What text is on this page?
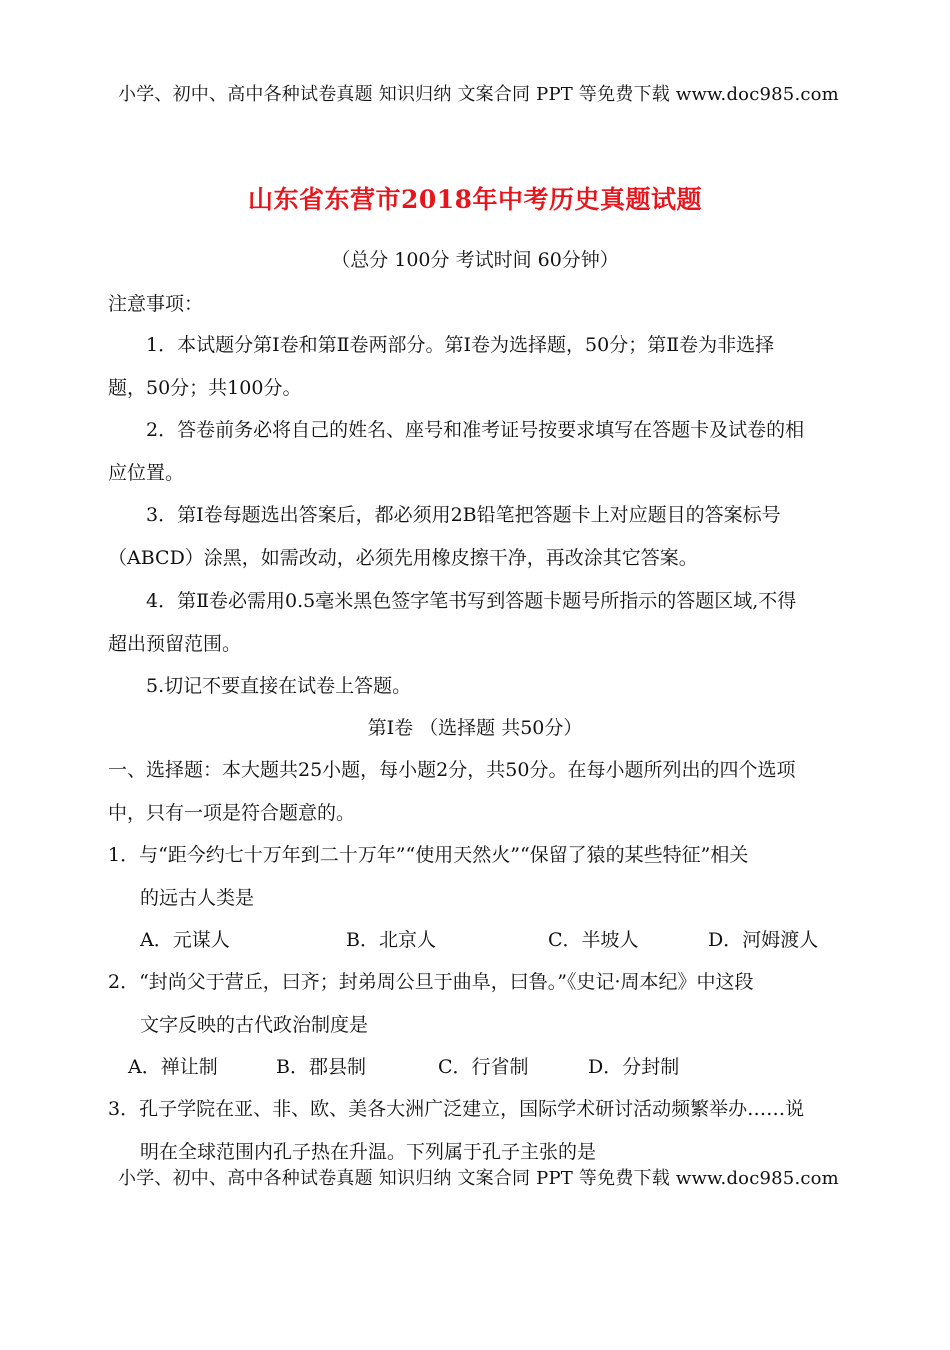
小学、初中、高中各种试卷真题 知识归纳 文案合同 PPT 等免费下载 www.doc985.com
山东省东营市2018年中考历史真题试题
（总分 100分 考试时间 60分钟）
注意事项：
1．本试题分第Ⅰ卷和第Ⅱ卷两部分。第Ⅰ卷为选择题，50分；第Ⅱ卷为非选择
题，50分；共100分。
2．答卷前务必将自己的姓名、座号和准考证号按要求填写在答题卡及试卷的相
应位置。
3．第Ⅰ卷每题选出答案后，都必须用2B铅笔把答题卡上对应题目的答案标号
（ABCD）涂黑，如需改动，必须先用橡皮擦干净，再改涂其它答案。
4．第Ⅱ卷必需用0.5毫米黑色签字笔书写到答题卡题号所指示的答题区域,不得
超出预留范围。
5.切记不要直接在试卷上答题。
第Ⅰ卷 （选择题 共50分）
一、选择题：本大题共25小题，每小题2分，共50分。在每小题所列出的四个选项
中，只有一项是符合题意的。
1．与“距今约七十万年到二十万年”“使用天然火”“保留了猿的某些特征”相关
的远古人类是
A．元谋人	B．北京人	C．半坡人	D．河姆渡人
2．“封尚父于营丘，曰齐；封弟周公旦于曲阜，曰鲁。”《史记·周本纪》中这段
文字反映的古代政治制度是
A．禅让制	B．郡县制	C．行省制	D．分封制
3．孔子学院在亚、非、欧、美各大洲广泛建立，国际学术研讨活动频繁举办……说
明在全球范围内孔子热在升温。下列属于孔子主张的是
小学、初中、高中各种试卷真题 知识归纳 文案合同 PPT 等免费下载 www.doc985.com
